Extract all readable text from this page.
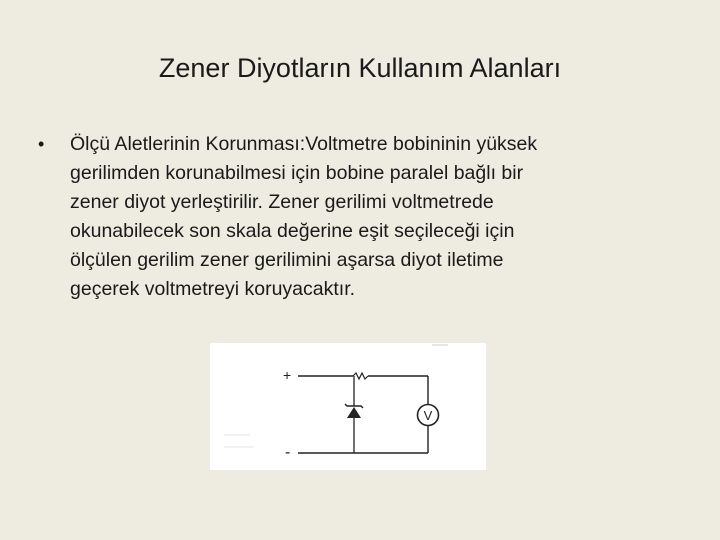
Zener Diyotların Kullanım Alanları
• Ölçü Aletlerinin Korunması:Voltmetre bobininin yüksek
gerilimden korunabilmesi için bobine paralel bağlı bir
zener diyot yerleştirilir. Zener gerilimi voltmetrede
okunabilecek son skala değerine eşit seçileceği için
ölçülen gerilim zener gerilimini aşarsa diyot iletime
geçerek voltmetreyi koruyacaktır.
V
+
-
